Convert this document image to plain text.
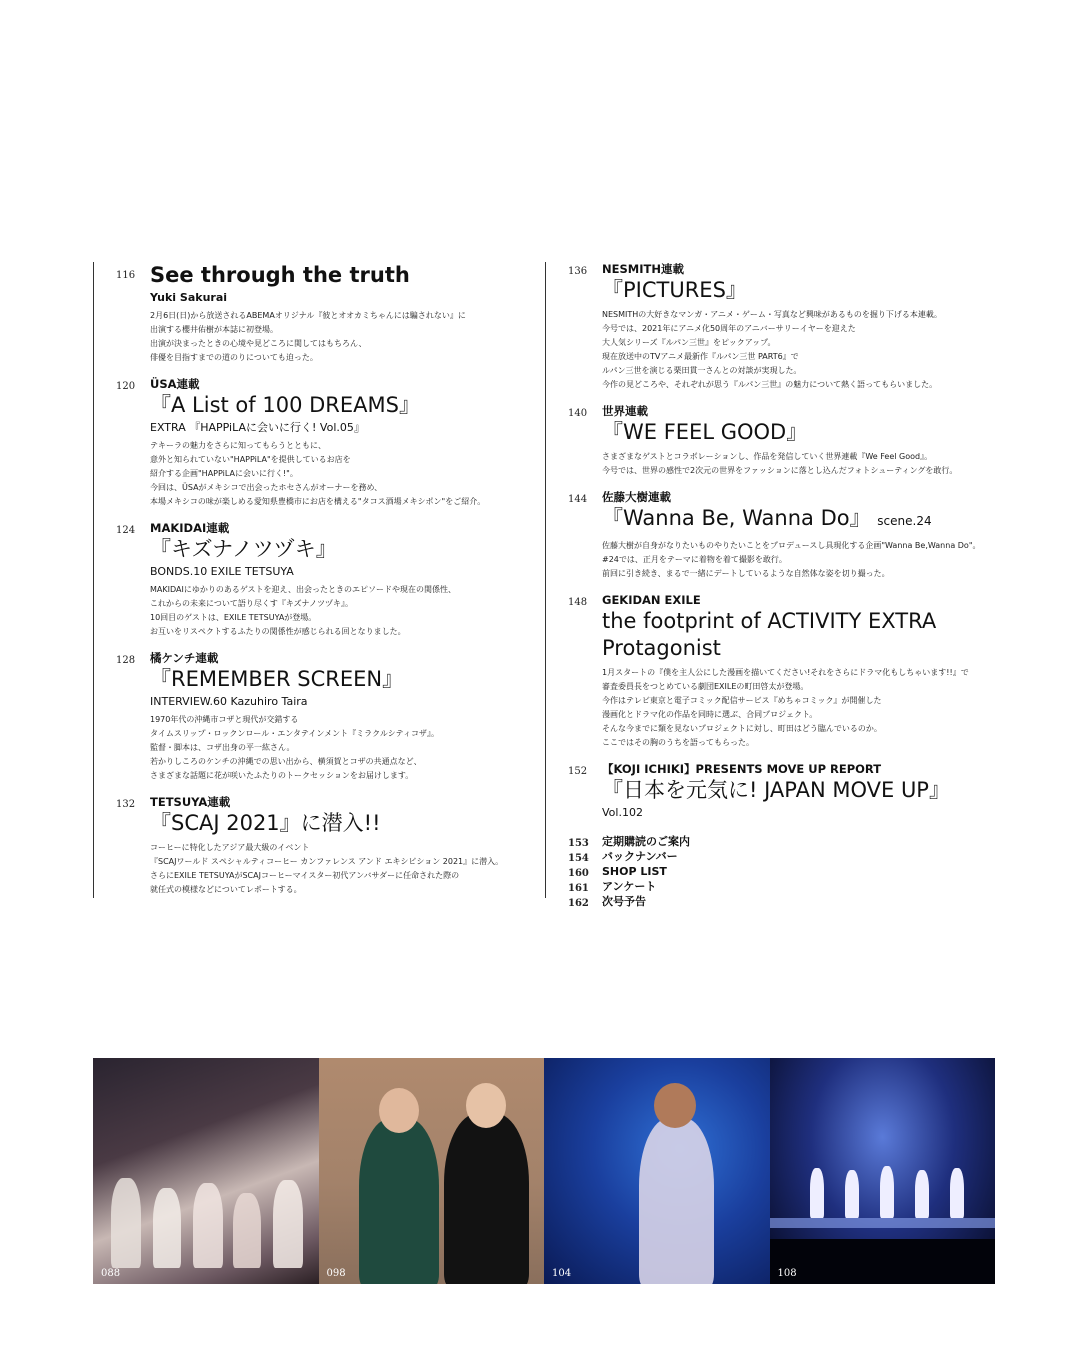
116 See through the truth
Yuki Sakurai
2月6日(日)から放送されるABEMAオリジナル『彼とオオカミちゃんには騙されない』に
出演する櫻井佑樹が本誌に初登場。
出演が決まったときの心境や見どころに関してはもちろん、
俳優を目指すまでの道のりについても迫った。
120 ÜSA連載
『A List of 100 DREAMS』
EXTRA 『HAPPiLAに会いに行く! Vol.05』
テキーラの魅力をさらに知ってもらうとともに、
意外と知られていない"HAPPiLA"を提供しているお店を
紹介する企画"HAPPiLAに会いに行く!"。
今回は、ÜSAがメキシコで出会ったホセさんがオーナーを務め、
本場メキシコの味が楽しめる愛知県豊橋市にお店を構える"タコス酒場メキシポン"をご紹介。
124 MAKIDAI連載
『キズナノツヅキ』
BONDS.10 EXILE TETSUYA
MAKIDAIにゆかりのあるゲストを迎え、出会ったときのエピソードや現在の関係性、
これからの未来について語り尽くす『キズナノツヅキ』。
10回目のゲストは、EXILE TETSUYAが登場。
お互いをリスペクトするふたりの関係性が感じられる回となりました。
128 橘ケンチ連載
『REMEMBER SCREEN』
INTERVIEW.60 Kazuhiro Taira
1970年代の沖縄市コザと現代が交錯する
タイムスリップ・ロックンロール・エンタテインメント『ミラクルシティコザ』。
監督・脚本は、コザ出身の平一紘さん。
若かりしころのケンチの沖縄での思い出から、横須賀とコザの共通点など、
さまざまな話題に花が咲いたふたりのトークセッションをお届けします。
132 TETSUYA連載
『SCAJ 2021』に潜入!!
コーヒーに特化したアジア最大級のイベント
『SCAJワールド スペシャルティコーヒー カンファレンス アンド エキシビション 2021』に潜入。
さらにEXILE TETSUYAがSCAJコーヒーマイスター初代アンバサダーに任命された際の
就任式の模様などについてレポートする。
136 NESMITH連載
『PICTURES』
NESMITHの大好きなマンガ・アニメ・ゲーム・写真など興味があるものを掘り下げる本連載。
今号では、2021年にアニメ化50周年のアニバーサリーイヤーを迎えた
大人気シリーズ『ルパン三世』をピックアップ。
現在放送中のTVアニメ最新作『ルパン三世 PART6』で
ルパン三世を演じる栗田貫一さんとの対談が実現した。
今作の見どころや、それぞれが思う『ルパン三世』の魅力について熱く語ってもらいました。
140 世界連載
『WE FEEL GOOD』
さまざまなゲストとコラボレーションし、作品を発信していく世界連載『We Feel Good』。
今号では、世界の感性で2次元の世界をファッションに落とし込んだフォトシューティングを敢行。
144 佐藤大樹連載
『Wanna Be, Wanna Do』 scene.24
佐藤大樹が自身がなりたいものやりたいことをプロデュースし具現化する企画"Wanna Be,Wanna Do"。
#24では、正月をテーマに着物を着て撮影を敢行。
前回に引き続き、まるで一緒にデートしているような自然体な姿を切り撮った。
148 GEKIDAN EXILE
the footprint of ACTIVITY EXTRA
Protagonist
1月スタートの『僕を主人公にした漫画を描いてください!それをさらにドラマ化もしちゃいます!!』で
審査委員長をつとめている劇団EXILEの町田啓太が登場。
今作はテレビ東京と電子コミック配信サービス『めちゃコミック』が開催した
漫画化とドラマ化の作品を同時に選ぶ、合同プロジェクト。
そんな今までに類を見ないプロジェクトに対し、町田はどう臨んでいるのか。
ここではその胸のうちを語ってもらった。
152 【KOJI ICHIKI】PRESENTS MOVE UP REPORT
『日本を元気に! JAPAN MOVE UP』
Vol.102
153 定期購読のご案内
154 バックナンバー
160 SHOP LIST
161 アンケート
162 次号予告
088	098	104	108
